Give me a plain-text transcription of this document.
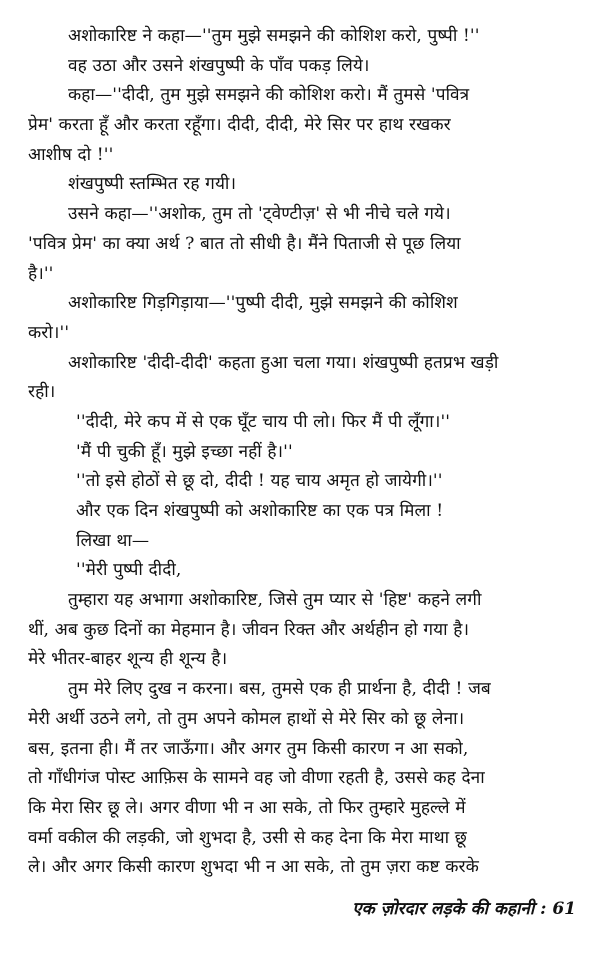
अशोकारिष्ट ने कहा—''तुम मुझे समझने की कोशिश करो, पुष्पी !''
वह उठा और उसने शंखपुष्पी के पाँव पकड़ लिये।
कहा—''दीदी, तुम मुझे समझने की कोशिश करो। मैं तुमसे 'पवित्र
प्रेम' करता हूँ और करता रहूँगा। दीदी, दीदी, मेरे सिर पर हाथ रखकर
आशीष दो !''
शंखपुष्पी स्तम्भित रह गयी।
उसने कहा—''अशोक, तुम तो 'ट्वेण्टीज़' से भी नीचे चले गये।
'पवित्र प्रेम' का क्या अर्थ ? बात तो सीधी है। मैंने पिताजी से पूछ लिया
है।''
अशोकारिष्ट गिड़गिड़ाया—''पुष्पी दीदी, मुझे समझने की कोशिश
करो।''
अशोकारिष्ट 'दीदी-दीदी' कहता हुआ चला गया। शंखपुष्पी हतप्रभ खड़ी
रही।
''दीदी, मेरे कप में से एक घूँट चाय पी लो। फिर मैं पी लूँगा।''
'मैं पी चुकी हूँ। मुझे इच्छा नहीं है।''
''तो इसे होठों से छू दो, दीदी ! यह चाय अमृत हो जायेगी।''
और एक दिन शंखपुष्पी को अशोकारिष्ट का एक पत्र मिला !
लिखा था—
''मेरी पुष्पी दीदी,
तुम्हारा यह अभागा अशोकारिष्ट, जिसे तुम प्यार से 'हिष्ट' कहने लगी
थीं, अब कुछ दिनों का मेहमान है। जीवन रिक्त और अर्थहीन हो गया है।
मेरे भीतर-बाहर शून्य ही शून्य है।
तुम मेरे लिए दुख न करना। बस, तुमसे एक ही प्रार्थना है, दीदी ! जब
मेरी अर्थी उठने लगे, तो तुम अपने कोमल हाथों से मेरे सिर को छू लेना।
बस, इतना ही। मैं तर जाऊँगा। और अगर तुम किसी कारण न आ सको,
तो गाँधीगंज पोस्ट आफ़िस के सामने वह जो वीणा रहती है, उससे कह देना
कि मेरा सिर छू ले। अगर वीणा भी न आ सके, तो फिर तुम्हारे मुहल्ले में
वर्मा वकील की लड़की, जो शुभदा है, उसी से कह देना कि मेरा माथा छू
ले। और अगर किसी कारण शुभदा भी न आ सके, तो तुम ज़रा कष्ट करके
एक ज़ोरदार लड़के की कहानी : 61
